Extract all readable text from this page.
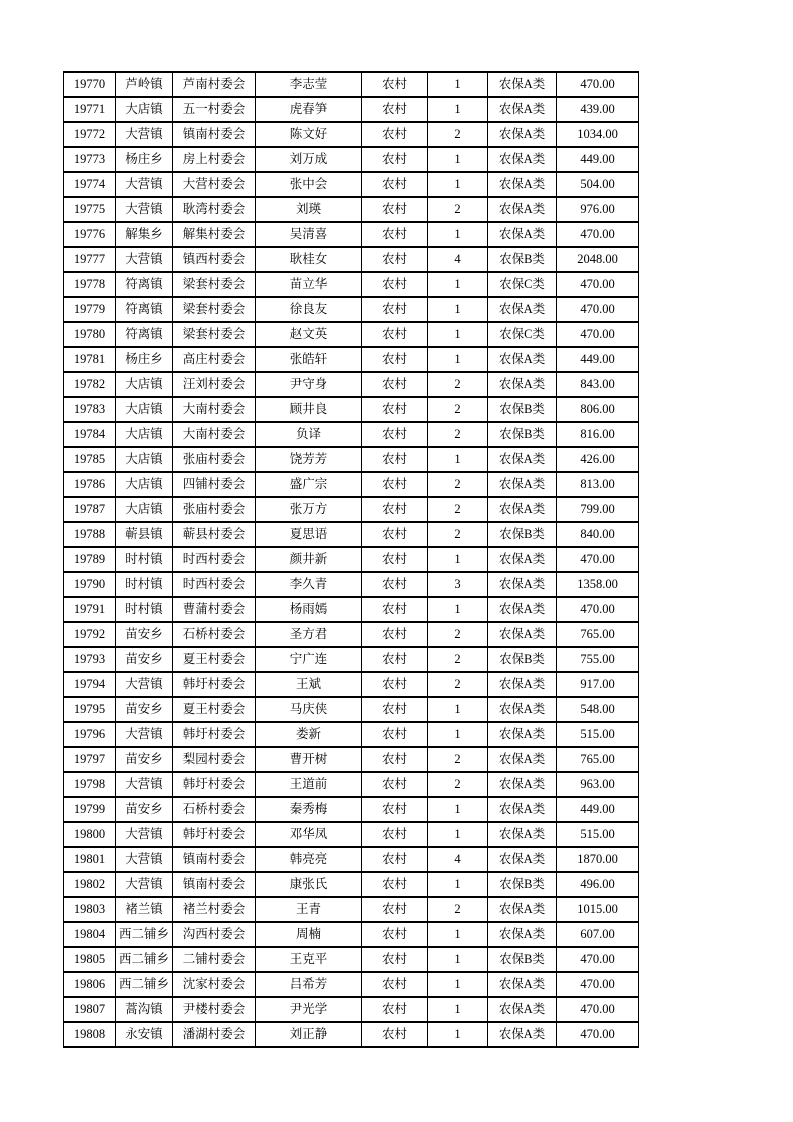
19770	芦岭镇	芦南村委会	李志莹	农村	1	农保A类	470.00
19771	大店镇	五一村委会	虎春笋	农村	1	农保A类	439.00
19772	大营镇	镇南村委会	陈文好	农村	2	农保A类	1034.00
19773	杨庄乡	房上村委会	刘万成	农村	1	农保A类	449.00
19774	大营镇	大营村委会	张中会	农村	1	农保A类	504.00
19775	大营镇	耿湾村委会	刘瑛	农村	2	农保A类	976.00
19776	解集乡	解集村委会	吴清喜	农村	1	农保A类	470.00
19777	大营镇	镇西村委会	耿桂女	农村	4	农保B类	2048.00
19778	符离镇	梁套村委会	苗立华	农村	1	农保C类	470.00
19779	符离镇	梁套村委会	徐良友	农村	1	农保A类	470.00
19780	符离镇	梁套村委会	赵文英	农村	1	农保C类	470.00
19781	杨庄乡	高庄村委会	张皓轩	农村	1	农保A类	449.00
19782	大店镇	汪刘村委会	尹守身	农村	2	农保A类	843.00
19783	大店镇	大南村委会	顾井良	农村	2	农保B类	806.00
19784	大店镇	大南村委会	负译	农村	2	农保B类	816.00
19785	大店镇	张庙村委会	饶芳芳	农村	1	农保A类	426.00
19786	大店镇	四铺村委会	盛广宗	农村	2	农保A类	813.00
19787	大店镇	张庙村委会	张万方	农村	2	农保A类	799.00
19788	蕲县镇	蕲县村委会	夏思语	农村	2	农保B类	840.00
19789	时村镇	时西村委会	颜井新	农村	1	农保A类	470.00
19790	时村镇	时西村委会	李久青	农村	3	农保A类	1358.00
19791	时村镇	曹蒲村委会	杨雨嫣	农村	1	农保A类	470.00
19792	苗安乡	石桥村委会	圣方君	农村	2	农保A类	765.00
19793	苗安乡	夏王村委会	宁广连	农村	2	农保B类	755.00
19794	大营镇	韩圩村委会	王斌	农村	2	农保A类	917.00
19795	苗安乡	夏王村委会	马庆侠	农村	1	农保A类	548.00
19796	大营镇	韩圩村委会	娄新	农村	1	农保A类	515.00
19797	苗安乡	梨园村委会	曹开树	农村	2	农保A类	765.00
19798	大营镇	韩圩村委会	王道前	农村	2	农保A类	963.00
19799	苗安乡	石桥村委会	秦秀梅	农村	1	农保A类	449.00
19800	大营镇	韩圩村委会	邓华凤	农村	1	农保A类	515.00
19801	大营镇	镇南村委会	韩亮亮	农村	4	农保A类	1870.00
19802	大营镇	镇南村委会	康张氏	农村	1	农保B类	496.00
19803	褚兰镇	褚兰村委会	王青	农村	2	农保A类	1015.00
19804	西二铺乡	沟西村委会	周楠	农村	1	农保A类	607.00
19805	西二铺乡	二铺村委会	王克平	农村	1	农保B类	470.00
19806	西二铺乡	沈家村委会	吕希芳	农村	1	农保A类	470.00
19807	蒿沟镇	尹楼村委会	尹光学	农村	1	农保A类	470.00
19808	永安镇	潘湖村委会	刘正静	农村	1	农保A类	470.00
